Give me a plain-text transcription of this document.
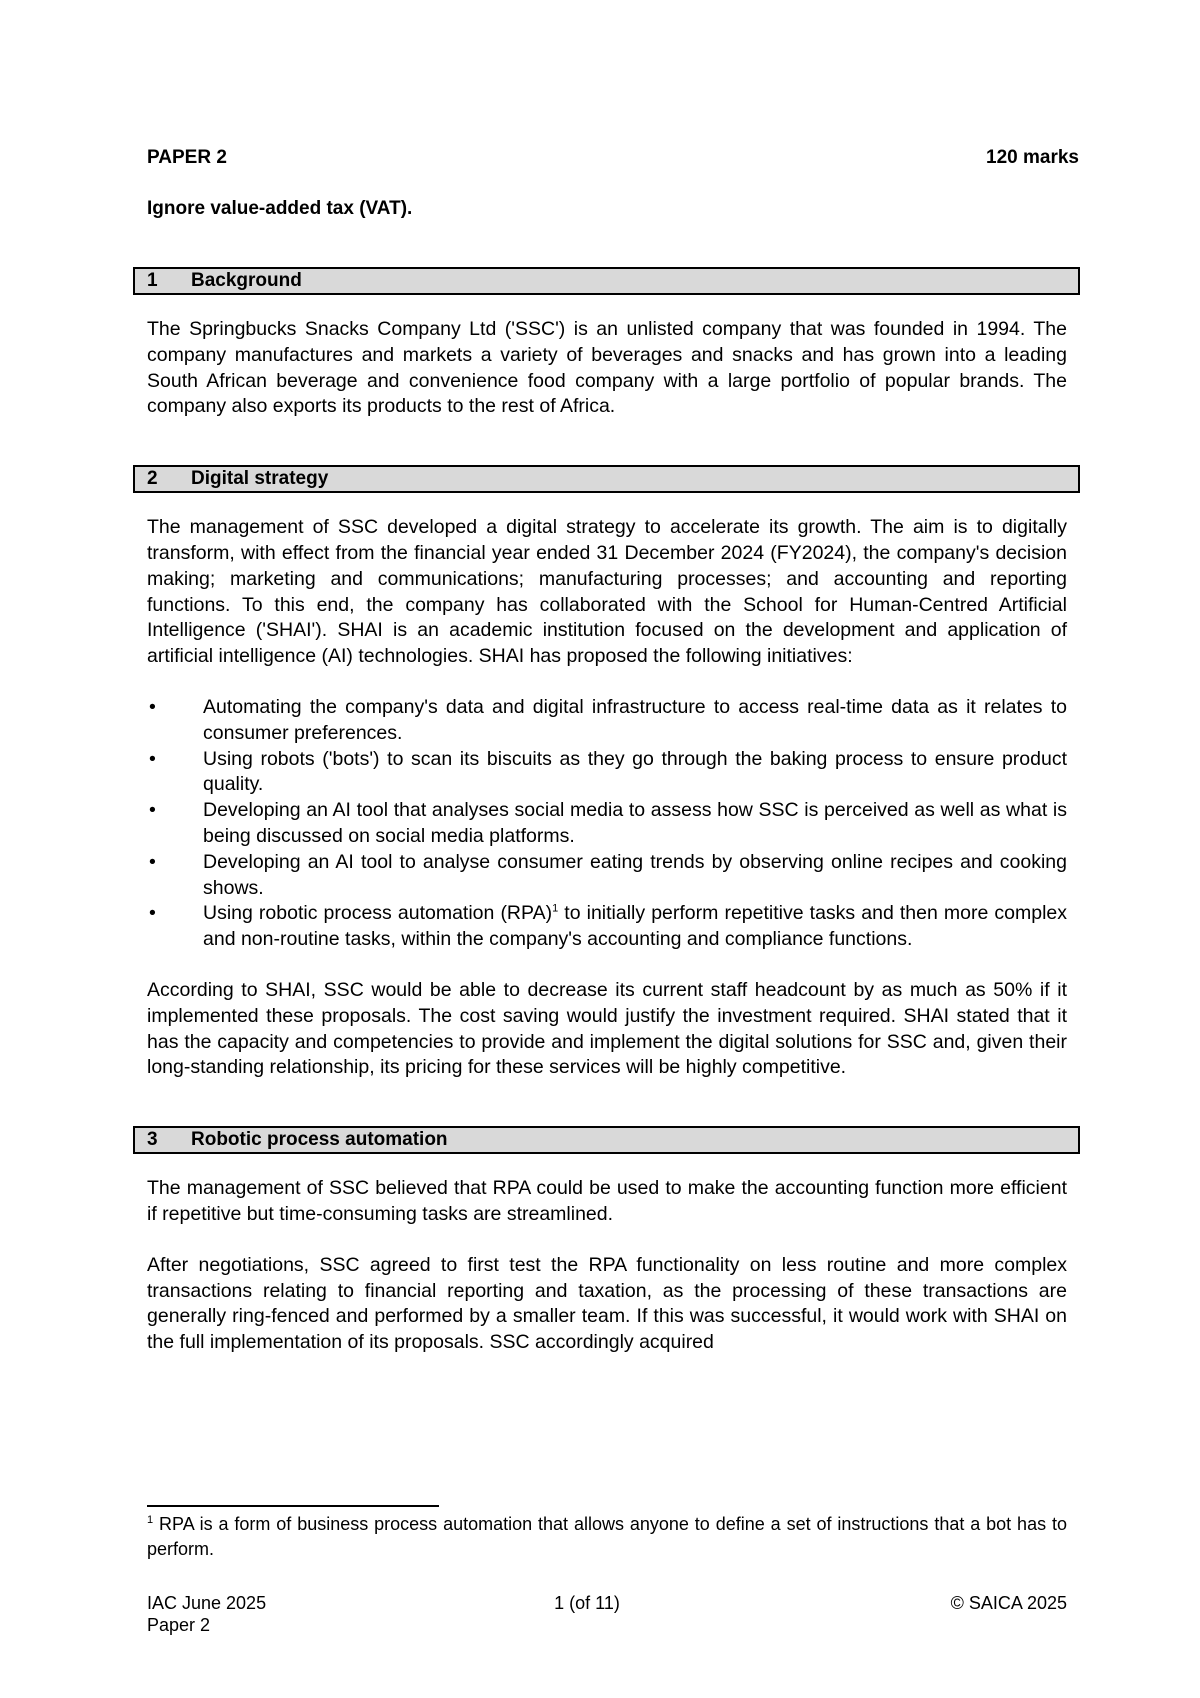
PAPER 2	120 marks
Ignore value-added tax (VAT).
1	Background

The Springbucks Snacks Company Ltd ('SSC') is an unlisted company that was founded in 1994. The company manufactures and markets a variety of beverages and snacks and has grown into a leading South African beverage and convenience food company with a large portfolio of popular brands. The company also exports its products to the rest of Africa.

2	Digital strategy

The management of SSC developed a digital strategy to accelerate its growth. The aim is to digitally transform, with effect from the financial year ended 31 December 2024 (FY2024), the company's decision making; marketing and communications; manufacturing processes; and accounting and reporting functions. To this end, the company has collaborated with the School for Human-Centred Artificial Intelligence ('SHAI'). SHAI is an academic institution focused on the development and application of artificial intelligence (AI) technologies. SHAI has proposed the following initiatives:

•	Automating the company's data and digital infrastructure to access real-time data as it relates to consumer preferences.
•	Using robots ('bots') to scan its biscuits as they go through the baking process to ensure product quality.
•	Developing an AI tool that analyses social media to assess how SSC is perceived as well as what is being discussed on social media platforms.
•	Developing an AI tool to analyse consumer eating trends by observing online recipes and cooking shows.
•	Using robotic process automation (RPA)$^1$ to initially perform repetitive tasks and then more complex and non-routine tasks, within the company's accounting and compliance functions.

According to SHAI, SSC would be able to decrease its current staff headcount by as much as 50% if it implemented these proposals. The cost saving would justify the investment required. SHAI stated that it has the capacity and competencies to provide and implement the digital solutions for SSC and, given their long-standing relationship, its pricing for these services will be highly competitive.

3	Robotic process automation

The management of SSC believed that RPA could be used to make the accounting function more efficient if repetitive but time-consuming tasks are streamlined.

After negotiations, SSC agreed to first test the RPA functionality on less routine and more complex transactions relating to financial reporting and taxation, as the processing of these transactions are generally ring-fenced and performed by a smaller team. If this was successful, it would work with SHAI on the full implementation of its proposals. SSC accordingly acquired

$^1$ RPA is a form of business process automation that allows anyone to define a set of instructions that a bot has to perform.
IAC June 2025
Paper 2
1 (of 11)	© SAICA 2025
